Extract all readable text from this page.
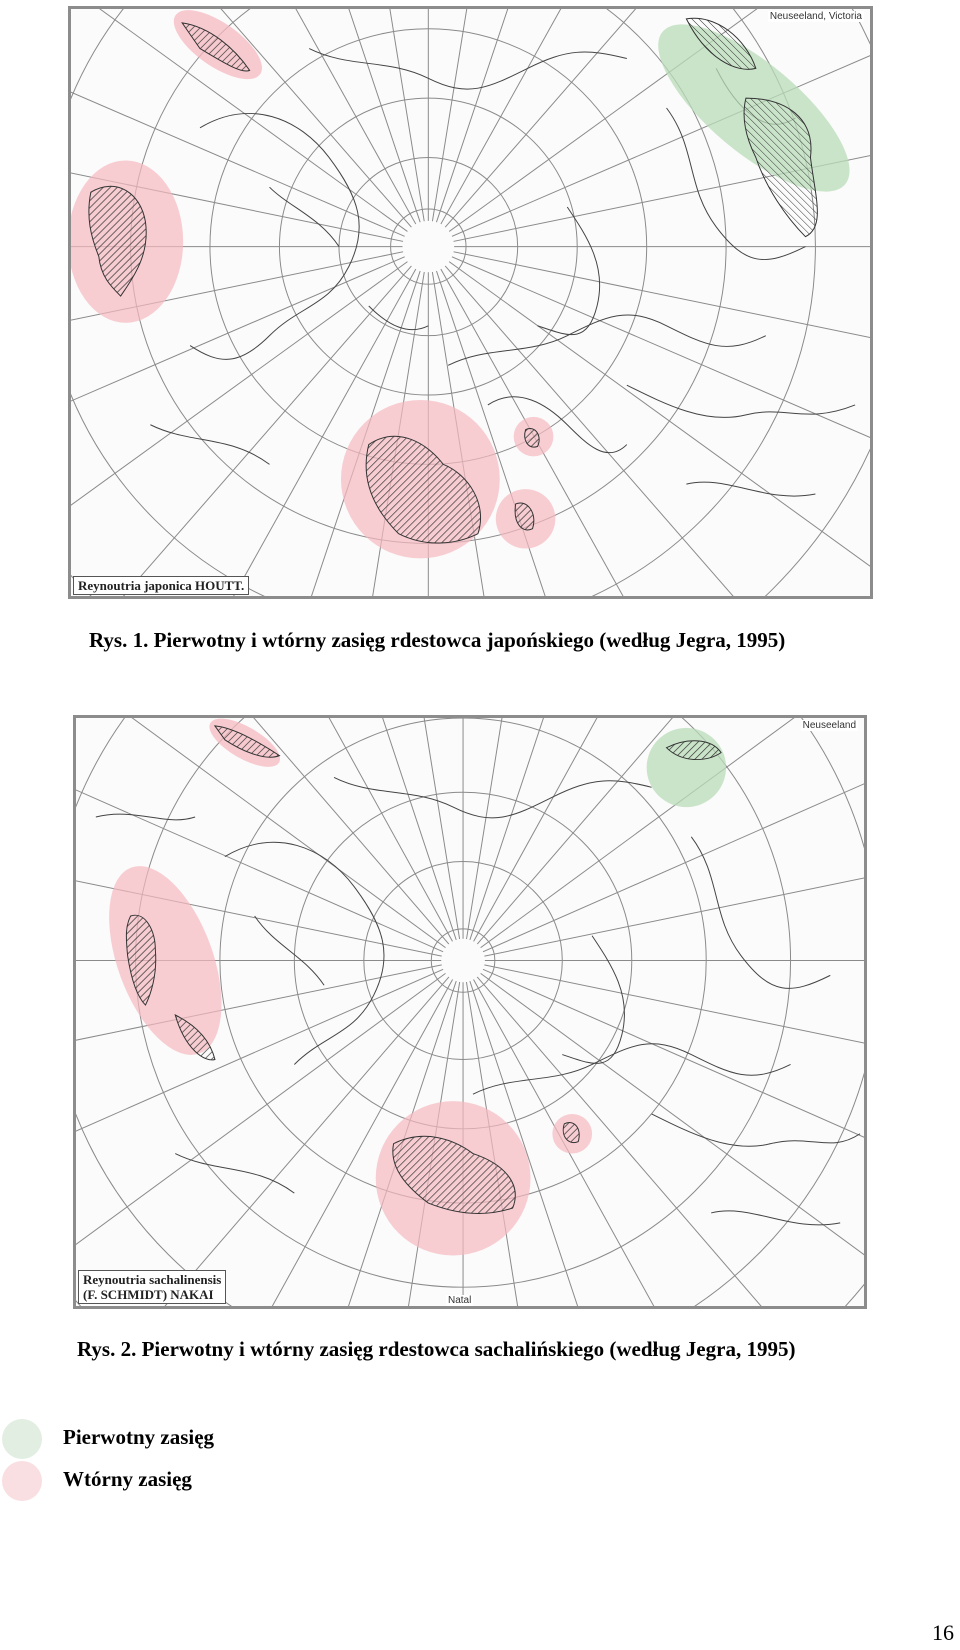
Neuseeland, Victoria
Reynoutria japonica HOUTT.
Rys. 1. Pierwotny i wtórny zasięg rdestowca japońskiego (według Jegra, 1995)
Neuseeland
Natal
Reynoutria sachalinensis
(F. SCHMIDT) NAKAI
Rys. 2. Pierwotny i wtórny zasięg rdestowca sachalińskiego (według Jegra, 1995)
Pierwotny zasięg
Wtórny zasięg
16
